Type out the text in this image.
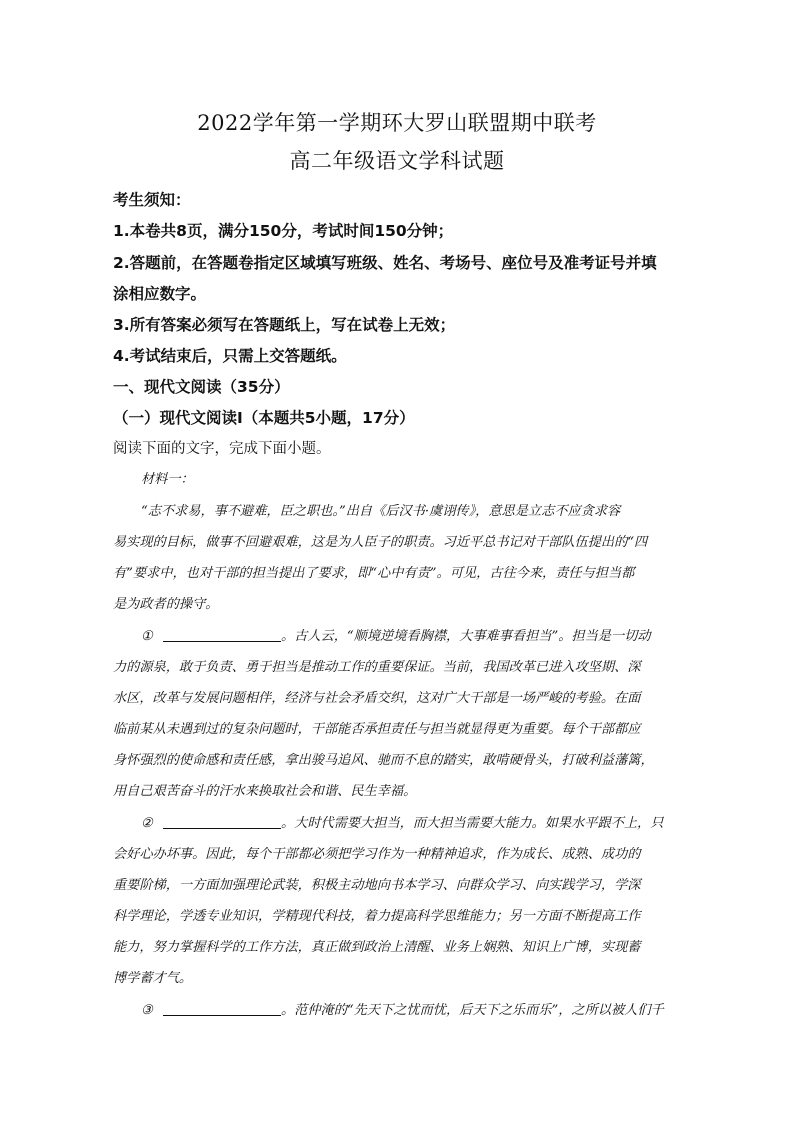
2022学年第一学期环大罗山联盟期中联考
高二年级语文学科试题
考生须知：
1.本卷共8页，满分150分，考试时间150分钟；
2.答题前，在答题卷指定区域填写班级、姓名、考场号、座位号及准考证号并填
涂相应数字。
3.所有答案必须写在答题纸上，写在试卷上无效；
4.考试结束后，只需上交答题纸。
一、现代文阅读（35分）
（一）现代文阅读Ⅰ（本题共5小题，17分）
阅读下面的文字，完成下面小题。
材料一：
“志不求易，事不避难，臣之职也。”出自《后汉书·虞诩传》，意思是立志不应贪求容
易实现的目标，做事不回避艰难，这是为人臣子的职责。习近平总书记对干部队伍提出的“四
有”要求中，也对干部的担当提出了要求，即“心中有责”。可见，古往今来，责任与担当都
是为政者的操守。
①	。古人云，“顺境逆境看胸襟，大事难事看担当”。担当是一切动
力的源泉，敢于负责、勇于担当是推动工作的重要保证。当前，我国改革已进入攻坚期、深
水区，改革与发展问题相伴，经济与社会矛盾交织，这对广大干部是一场严峻的考验。在面
临前某从未遇到过的复杂问题时，干部能否承担责任与担当就显得更为重要。每个干部都应
身怀强烈的使命感和责任感，拿出骏马追风、驰而不息的踏实，敢啃硬骨头，打破利益藩篱，
用自己艰苦奋斗的汗水来换取社会和谐、民生幸福。
②	。大时代需要大担当，而大担当需要大能力。如果水平跟不上，只
会好心办坏事。因此，每个干部都必须把学习作为一种精神追求，作为成长、成熟、成功的
重要阶梯，一方面加强理论武装，积极主动地向书本学习、向群众学习、向实践学习，学深
科学理论，学透专业知识，学精现代科技，着力提高科学思维能力；另一方面不断提高工作
能力，努力掌握科学的工作方法，真正做到政治上清醒、业务上娴熟、知识上广博，实现蓄
博学蓄才气。
③	。范仲淹的“先天下之忧而忧，后天下之乐而乐”，之所以被人们千
